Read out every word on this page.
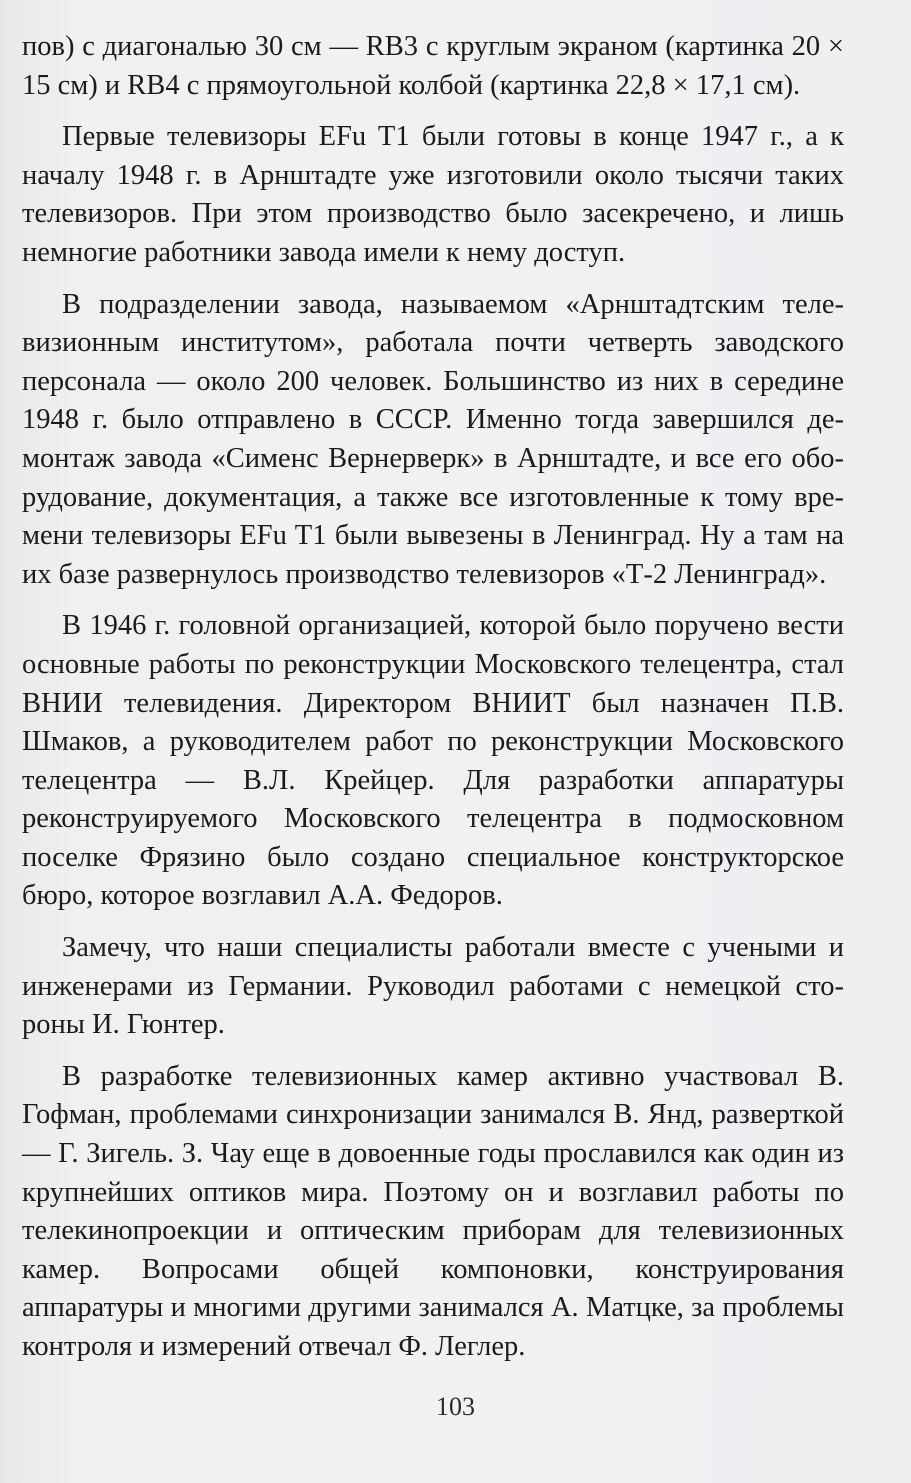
пов) с диагональю 30 см — RB3 с круглым экраном (картинка 20 × 15 см) и RB4 с прямоугольной колбой (картинка 22,8 × 17,1 см).

Первые телевизоры EFu T1 были готовы в конце 1947 г., а к началу 1948 г. в Арнштадте уже изготовили около тысячи таких телевизоров. При этом производство было засекречено, и лишь немногие работники завода имели к нему доступ.

В подразделении завода, называемом «Арнштадтским телевизионным институтом», работала почти четверть заводского персонала — около 200 человек. Большинство из них в середине 1948 г. было отправлено в СССР. Именно тогда завершился демонтаж завода «Сименс Вернерверк» в Арнштадте, и все его оборудование, документация, а также все изготовленные к тому времени телевизоры EFu T1 были вывезены в Ленинград. Ну а там на их базе развернулось производство телевизоров «Т-2 Ленинград».

В 1946 г. головной организацией, которой было поручено вести основные работы по реконструкции Московского телецентра, стал ВНИИ телевидения. Директором ВНИИТ был назначен П.В. Шмаков, а руководителем работ по реконструкции Московского телецентра — В.Л. Крейцер. Для разработки аппаратуры реконструируемого Московского телецентра в подмосковном поселке Фрязино было создано специальное конструкторское бюро, которое возглавил А.А. Федоров.

Замечу, что наши специалисты работали вместе с учеными и инженерами из Германии. Руководил работами с немецкой стороны И. Гюнтер.

В разработке телевизионных камер активно участвовал В. Гофман, проблемами синхронизации занимался В. Янд, разверткой — Г. Зигель. З. Чау еще в довоенные годы прославился как один из крупнейших оптиков мира. Поэтому он и возглавил работы по телекинопроекции и оптическим приборам для телевизионных камер. Вопросами общей компоновки, конструирования аппаратуры и многими другими занимался А. Матцке, за проблемы контроля и измерений отвечал Ф. Леглер.

103
